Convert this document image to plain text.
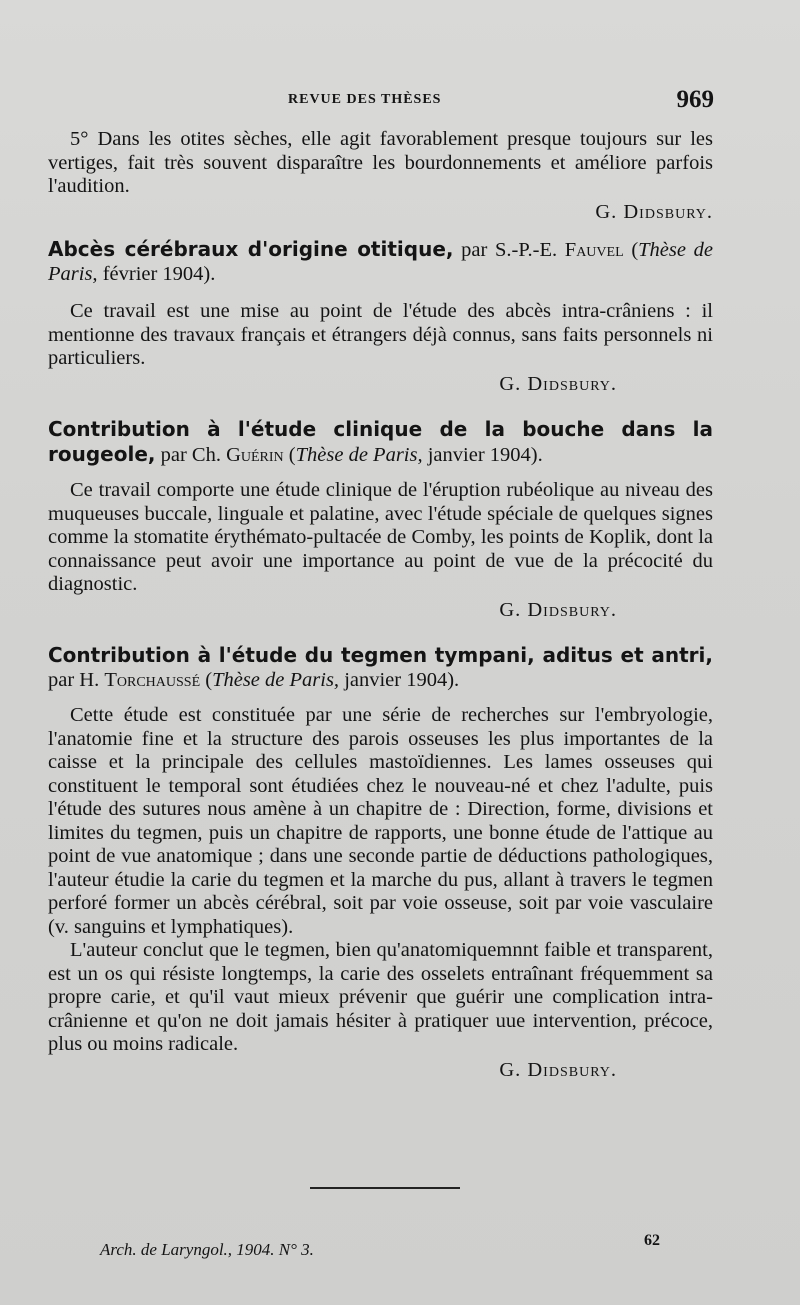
REVUE DES THÈSES	969

5° Dans les otites sèches, elle agit favorablement presque toujours sur les vertiges, fait très souvent disparaître les bourdonnements et améliore parfois l'audition.

G. Didsbury.

Abcès cérébraux d'origine otitique, par S.-P.-E. Fauvel (Thèse de Paris, février 1904).

Ce travail est une mise au point de l'étude des abcès intra-crâniens : il mentionne des travaux français et étrangers déjà connus, sans faits personnels ni particuliers.

G. Didsbury.

Contribution à l'étude clinique de la bouche dans la rougeole, par Ch. Guérin (Thèse de Paris, janvier 1904).

Ce travail comporte une étude clinique de l'éruption rubéolique au niveau des muqueuses buccale, linguale et palatine, avec l'étude spéciale de quelques signes comme la stomatite érythémato-pultacée de Comby, les points de Koplik, dont la connaissance peut avoir une importance au point de vue de la précocité du diagnostic.

G. Didsbury.

Contribution à l'étude du tegmen tympani, aditus et antri, par H. Torchaussé (Thèse de Paris, janvier 1904).

Cette étude est constituée par une série de recherches sur l'embryologie, l'anatomie fine et la structure des parois osseuses les plus importantes de la caisse et la principale des cellules mastoïdiennes. Les lames osseuses qui constituent le temporal sont étudiées chez le nouveau-né et chez l'adulte, puis l'étude des sutures nous amène à un chapitre de : Direction, forme, divisions et limites du tegmen, puis un chapitre de rapports, une bonne étude de l'attique au point de vue anatomique ; dans une seconde partie de déductions pathologiques, l'auteur étudie la carie du tegmen et la marche du pus, allant à travers le tegmen perforé former un abcès cérébral, soit par voie osseuse, soit par voie vasculaire (v. sanguins et lymphatiques).

L'auteur conclut que le tegmen, bien qu'anatomiquemnnt faible et transparent, est un os qui résiste longtemps, la carie des osselets entraînant fréquemment sa propre carie, et qu'il vaut mieux prévenir que guérir une complication intra-crânienne et qu'on ne doit jamais hésiter à pratiquer uue intervention, précoce, plus ou moins radicale.

G. Didsbury.

Arch. de Laryngol., 1904. N° 3.	62
